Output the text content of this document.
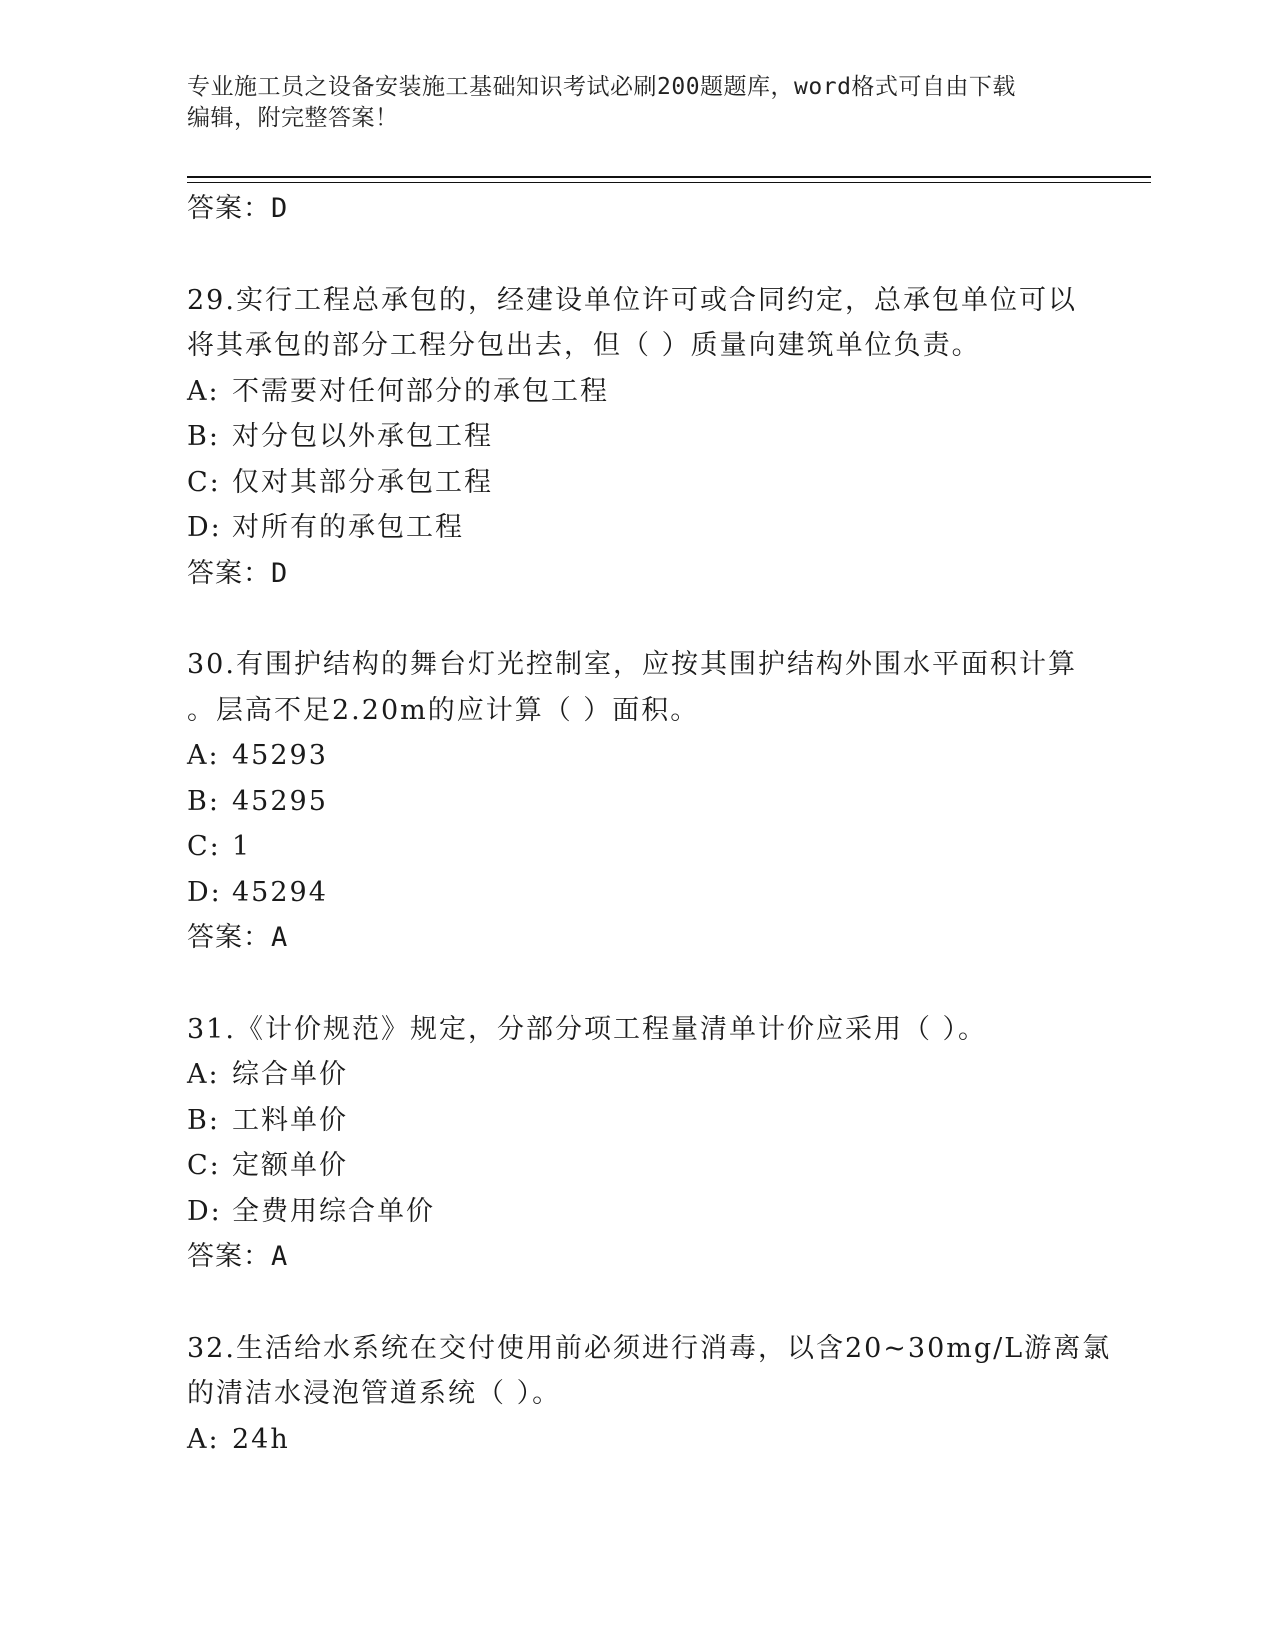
专业施工员之设备安装施工基础知识考试必刷200题题库，word格式可自由下载
编辑，附完整答案！
答案：D
29.实行工程总承包的，经建设单位许可或合同约定，总承包单位可以
将其承包的部分工程分包出去，但（ ）质量向建筑单位负责。
A: 不需要对任何部分的承包工程
B: 对分包以外承包工程
C: 仅对其部分承包工程
D: 对所有的承包工程
答案：D
30.有围护结构的舞台灯光控制室，应按其围护结构外围水平面积计算
。层高不足2.20m的应计算（ ）面积。
A: 45293
B: 45295
C: 1
D: 45294
答案：A
31.《计价规范》规定，分部分项工程量清单计价应采用（ ）。
A: 综合单价
B: 工料单价
C: 定额单价
D: 全费用综合单价
答案：A
32.生活给水系统在交付使用前必须进行消毒，以含20~30mg/L游离氯
的清洁水浸泡管道系统（ ）。
A: 24h
